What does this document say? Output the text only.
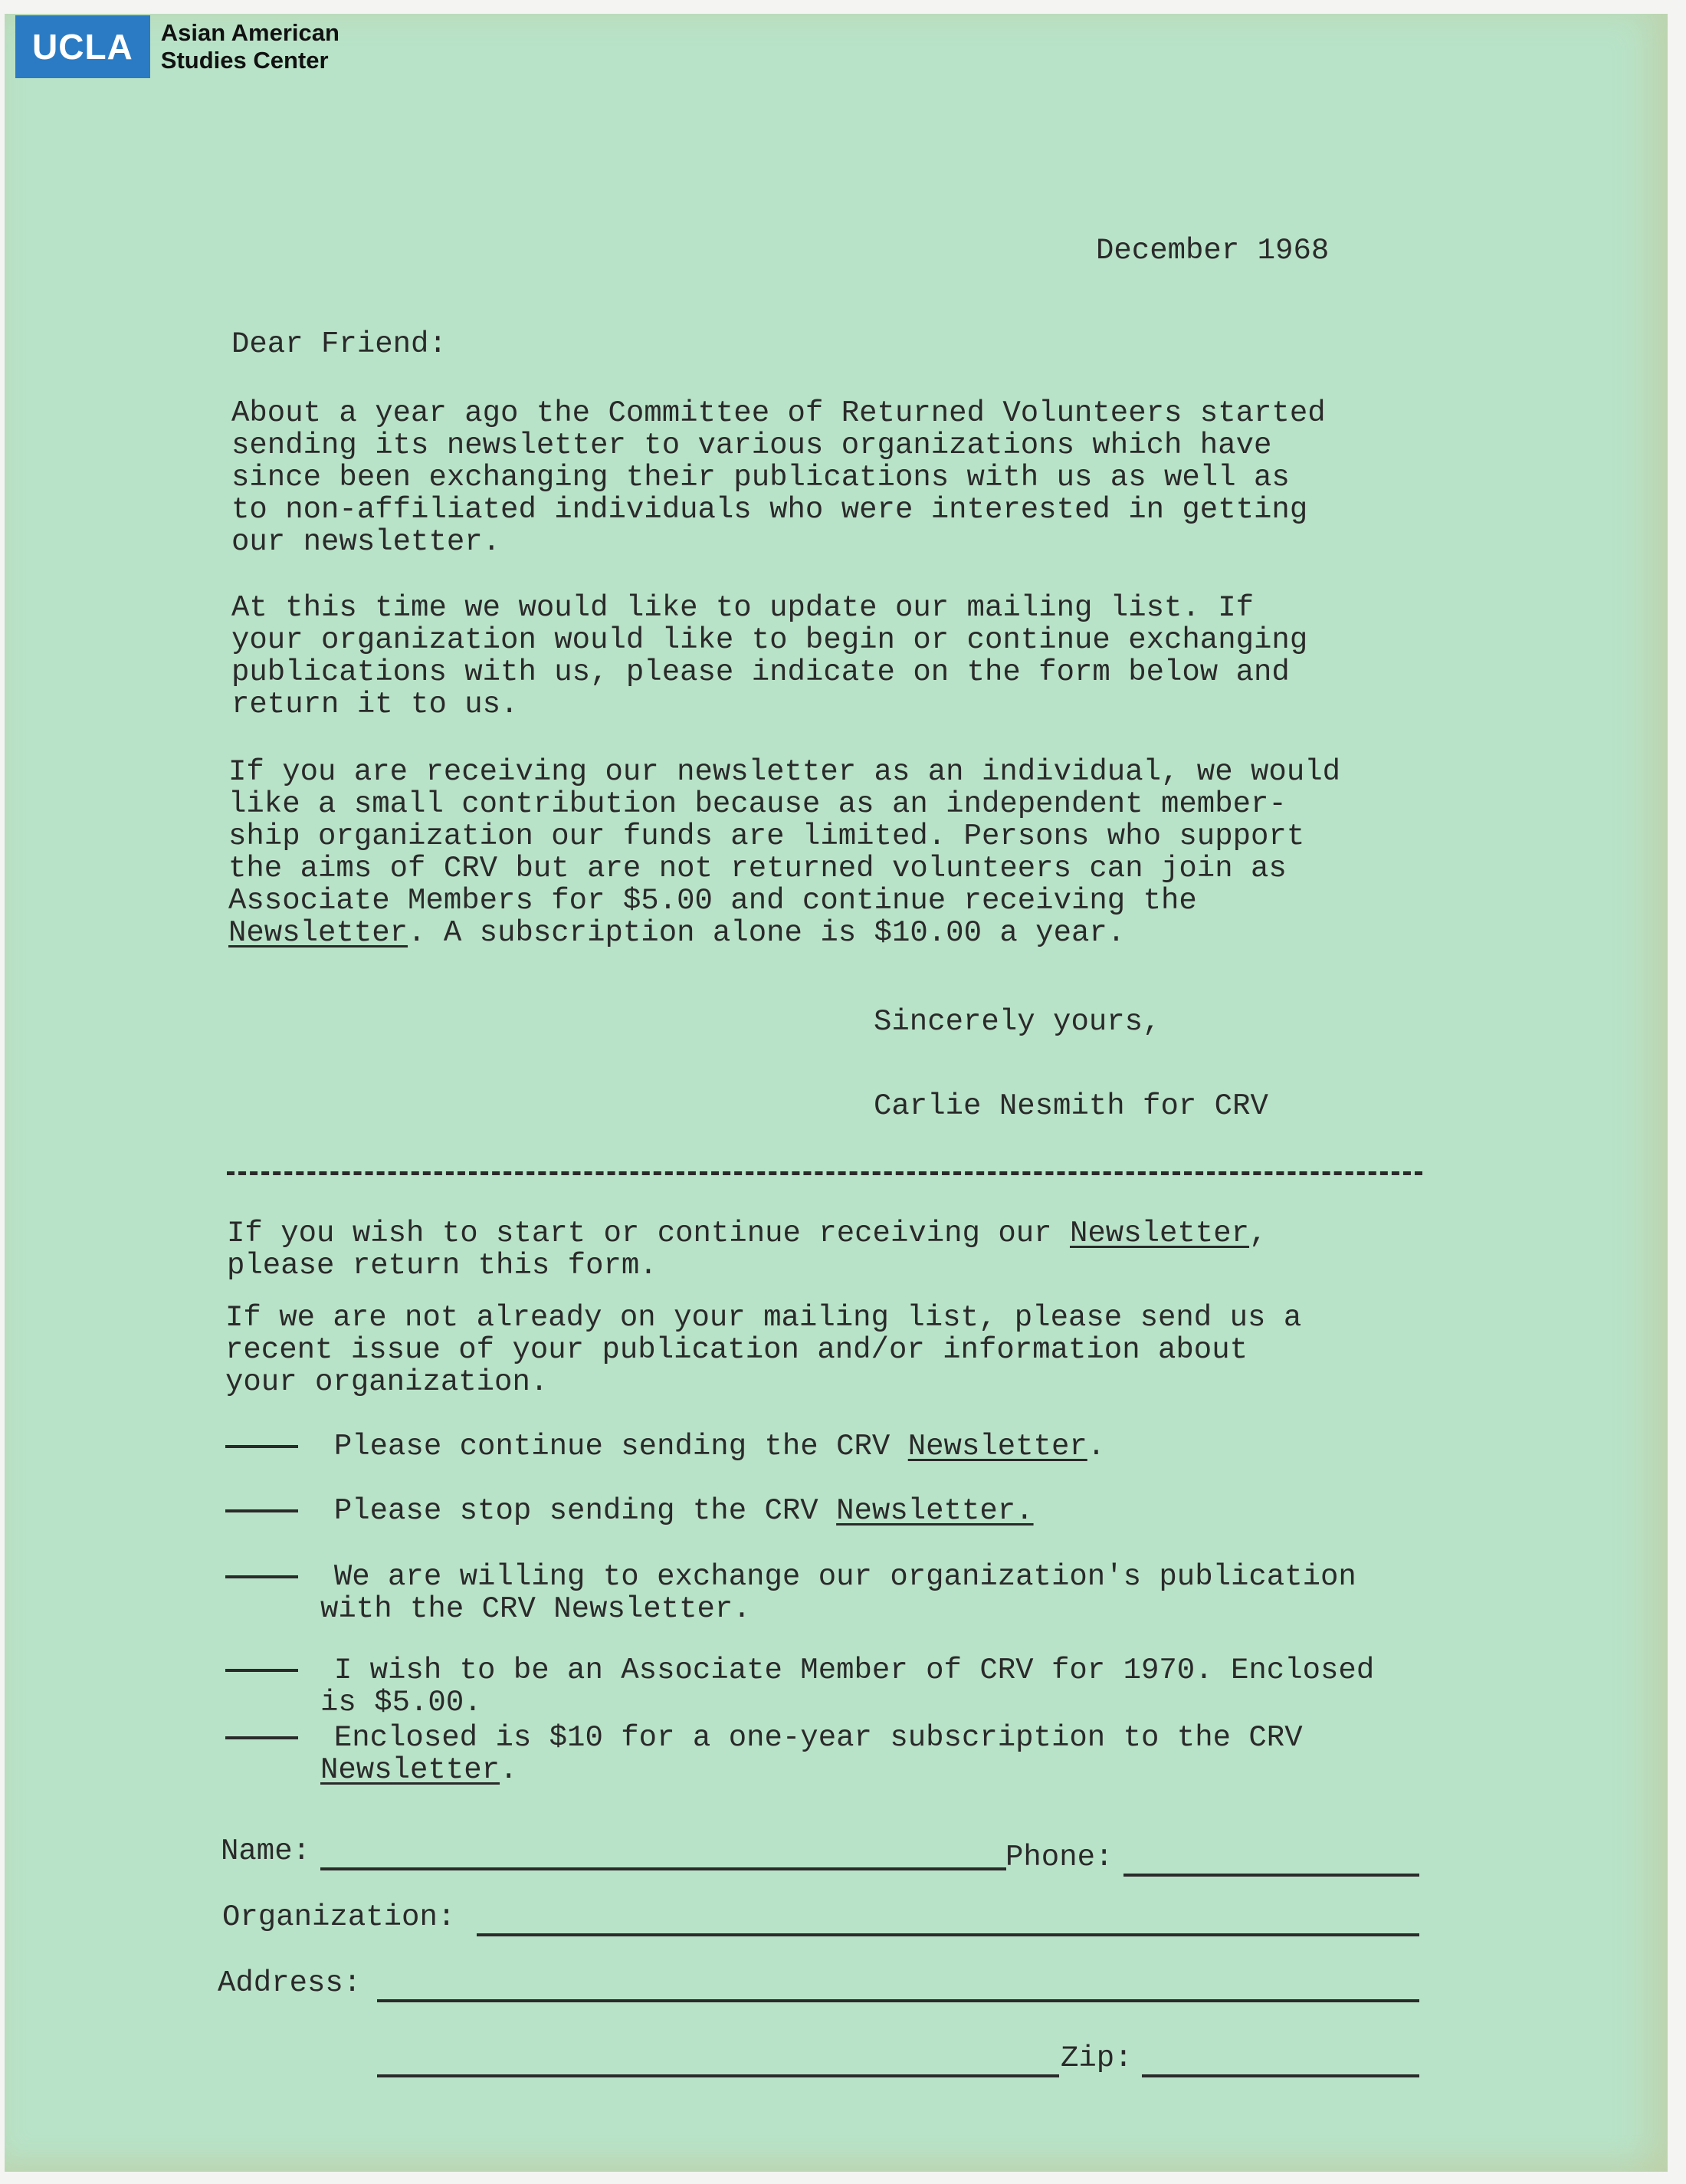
UCLA	Asian American
Studies Center

December 1968

Dear Friend:

About a year ago the Committee of Returned Volunteers started

sending its newsletter to various organizations which have

since been exchanging their publications with us as well as

to non-affiliated individuals who were interested in getting

our newsletter.

At this time we would like to update our mailing list. If

your organization would like to begin or continue exchanging

publications with us, please indicate on the form below and

return it to us.

If you are receiving our newsletter as an individual, we would

like a small contribution because as an independent member-

ship organization our funds are limited. Persons who support

the aims of CRV but are not returned volunteers can join as

Associate Members for $5.00 and continue receiving the

Newsletter. A subscription alone is $10.00 a year.

Sincerely yours,

Carlie Nesmith for CRV

If you wish to start or continue receiving our Newsletter,

please return this form.

If we are not already on your mailing list, please send us a

recent issue of your publication and/or information about

your organization.

Please continue sending the CRV Newsletter.

Please stop sending the CRV Newsletter.

We are willing to exchange our organization's publication

with the CRV Newsletter.

I wish to be an Associate Member of CRV for 1970. Enclosed

is $5.00.

Enclosed is $10 for a one-year subscription to the CRV

Newsletter.

Name:	Phone:

Organization:

Address:

Zip:
